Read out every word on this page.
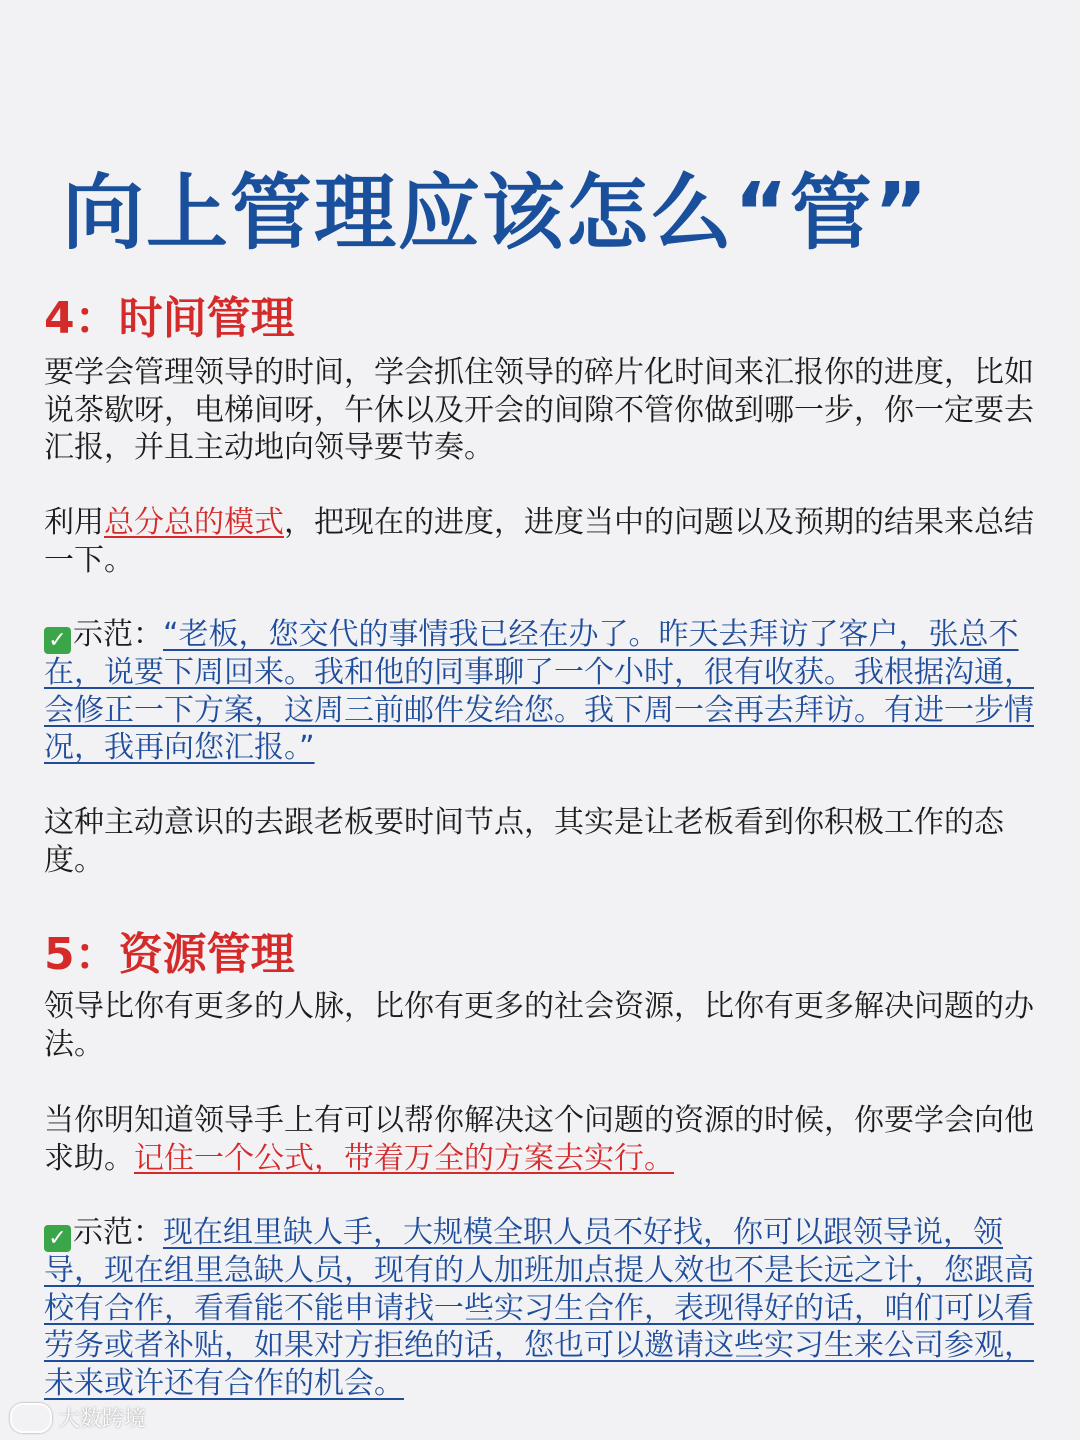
向上管理应该怎么“管”
4：时间管理
要学会管理领导的时间，学会抓住领导的碎片化时间来汇报你的进度，比如说茶歇呀，电梯间呀，午休以及开会的间隙不管你做到哪一步，你一定要去汇报，并且主动地向领导要节奏。
利用总分总的模式，把现在的进度，进度当中的问题以及预期的结果来总结一下。
✓ 示范：“老板，您交代的事情我已经在办了。昨天去拜访了客户，张总不在，说要下周回来。我和他的同事聊了一个小时，很有收获。我根据沟通，会修正一下方案，这周三前邮件发给您。我下周一会再去拜访。有进一步情况，我再向您汇报。”
这种主动意识的去跟老板要时间节点，其实是让老板看到你积极工作的态度。
5：资源管理
领导比你有更多的人脉，比你有更多的社会资源，比你有更多解决问题的办法。
当你明知道领导手上有可以帮你解决这个问题的资源的时候，你要学会向他求助。记住一个公式，带着万全的方案去实行。
✓ 示范：现在组里缺人手，大规模全职人员不好找，你可以跟领导说，领导，现在组里急缺人员，现有的人加班加点提人效也不是长远之计，您跟高校有合作，看看能不能申请找一些实习生合作，表现得好的话，咱们可以看劳务或者补贴，如果对方拒绝的话，您也可以邀请这些实习生来公司参观，未来或许还有合作的机会。
大数跨境
